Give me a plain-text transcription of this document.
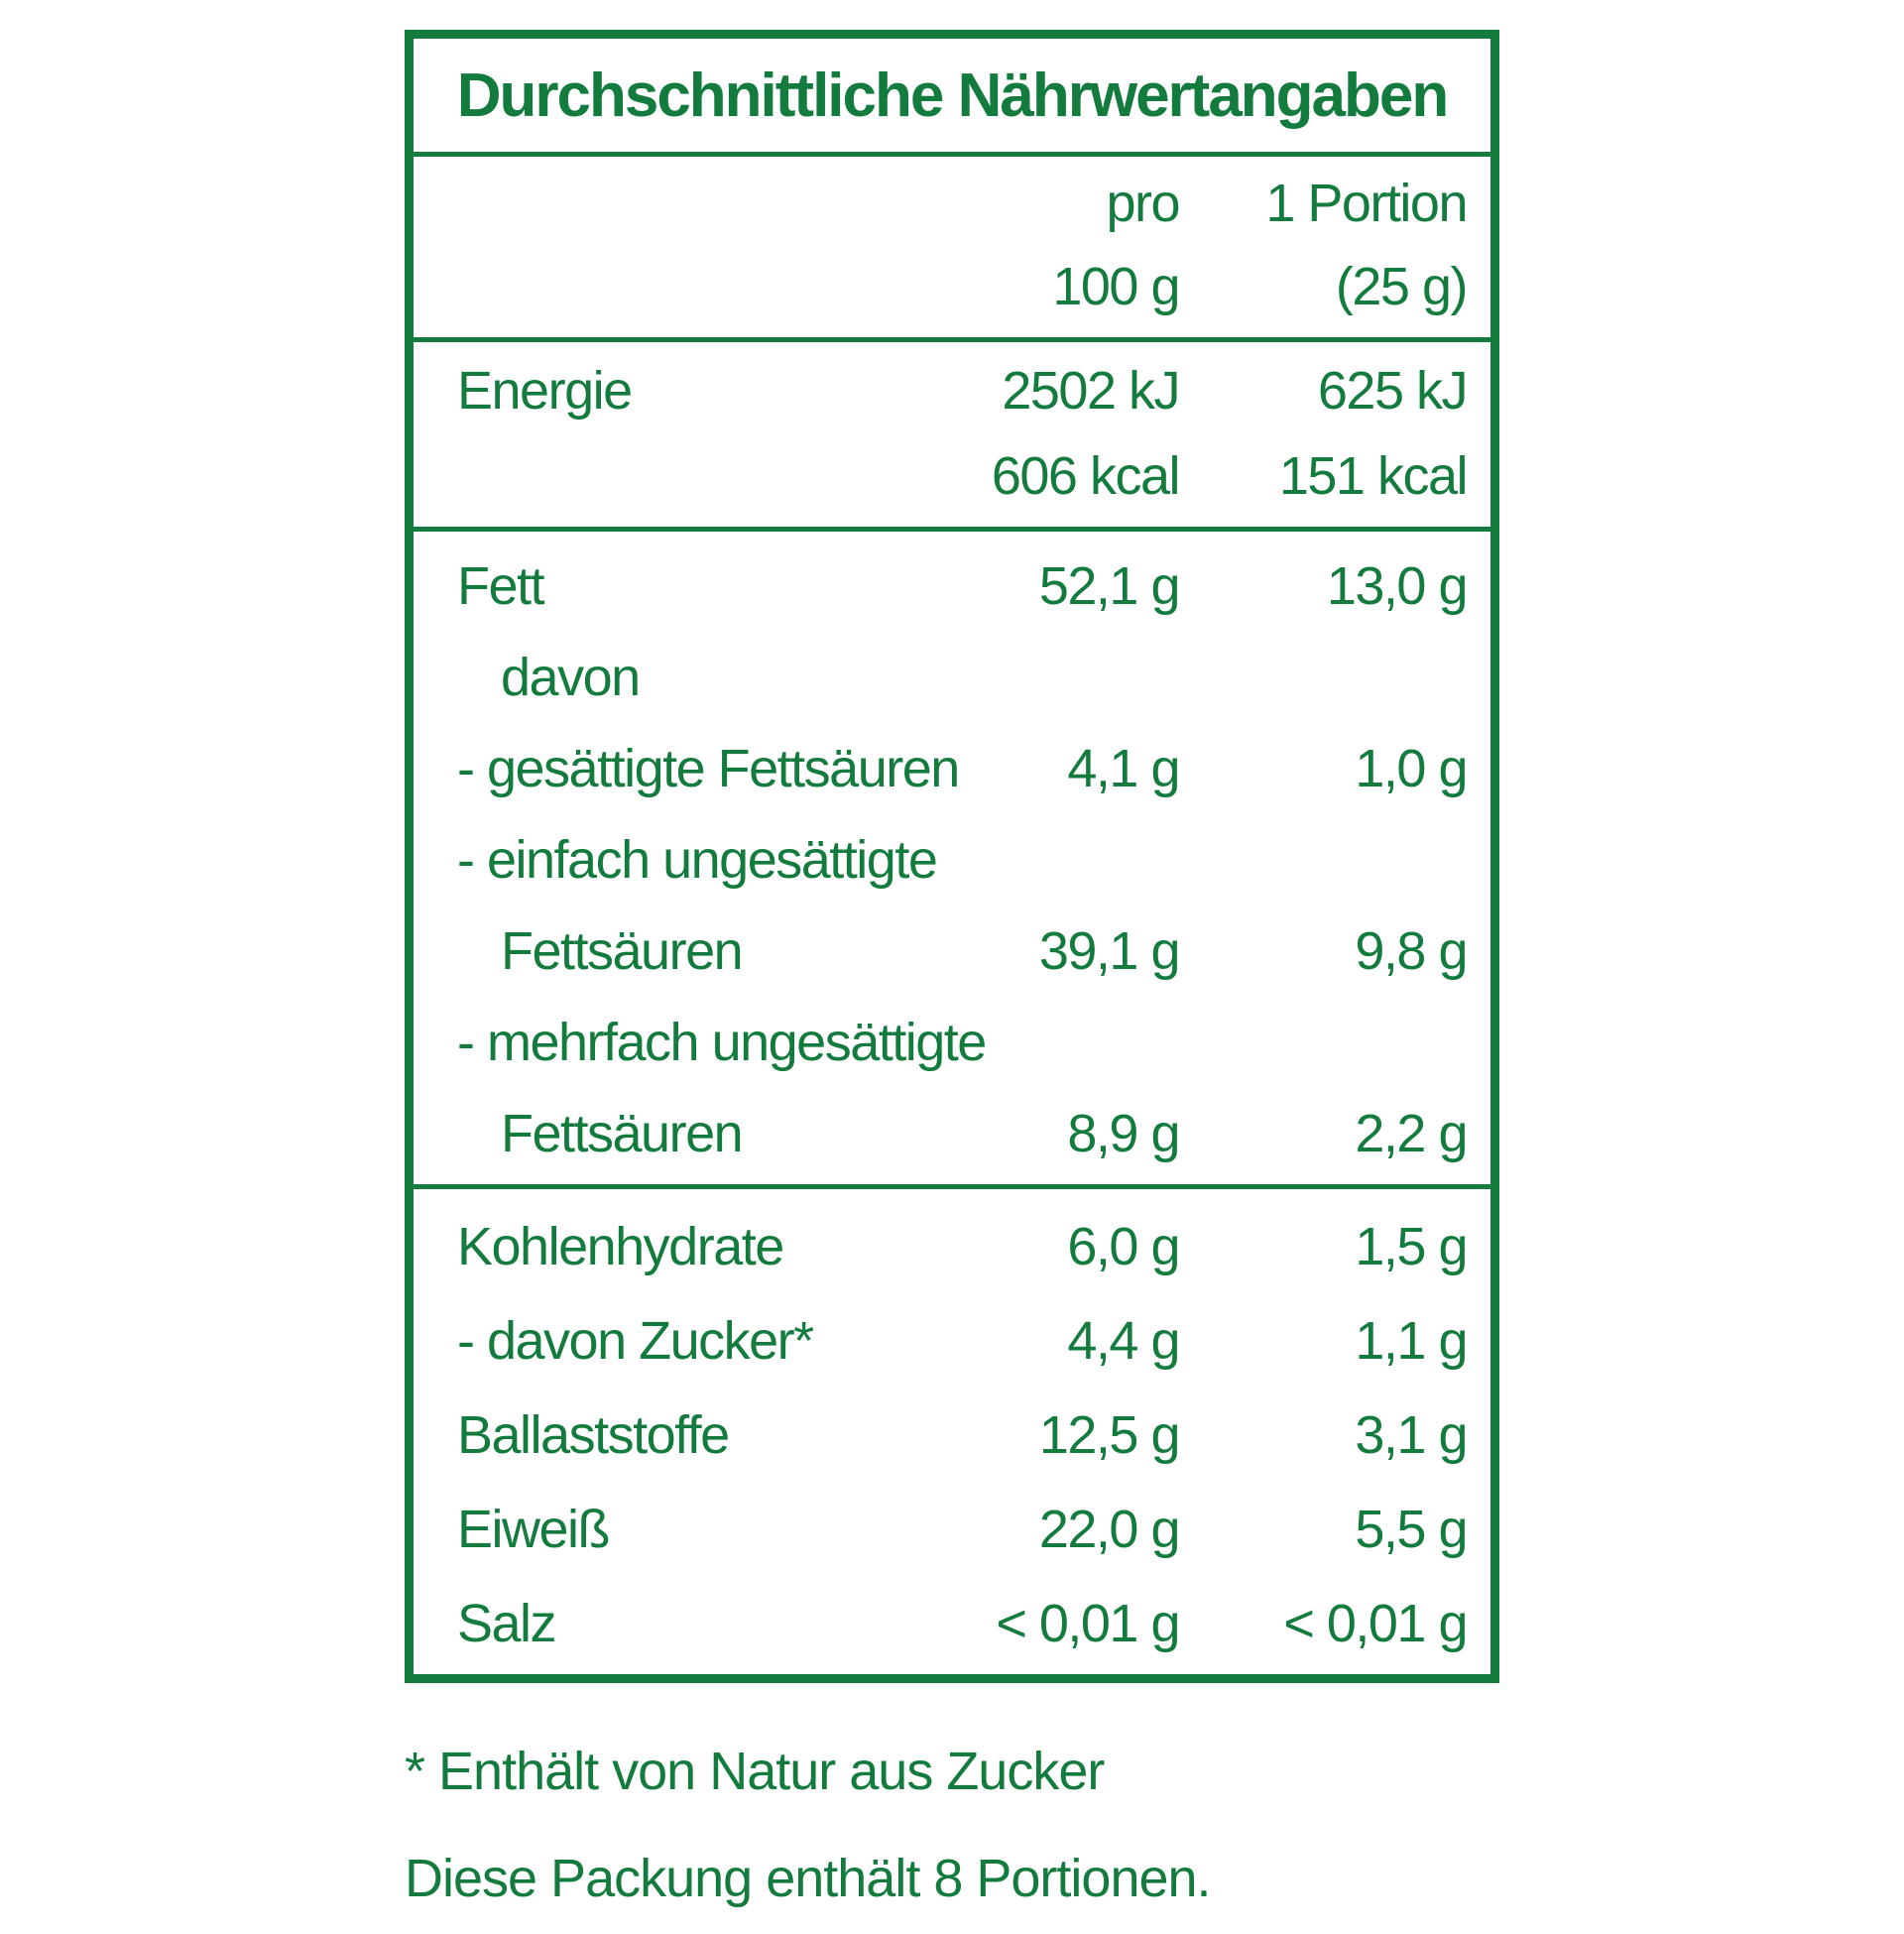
Durchschnittliche Nährwertangaben
pro	1 Portion
100 g	(25 g)
Energie	2502 kJ	625 kJ
606 kcal	151 kcal
Fett	52,1 g	13,0 g
davon
- gesättigte Fettsäuren	4,1 g	1,0 g
- einfach ungesättigte
Fettsäuren	39,1 g	9,8 g
- mehrfach ungesättigte
Fettsäuren	8,9 g	2,2 g
Kohlenhydrate	6,0 g	1,5 g
- davon Zucker*	4,4 g	1,1 g
Ballaststoffe	12,5 g	3,1 g
Eiweiß	22,0 g	5,5 g
Salz	< 0,01 g	< 0,01 g
* Enthält von Natur aus Zucker
Diese Packung enthält 8 Portionen.
